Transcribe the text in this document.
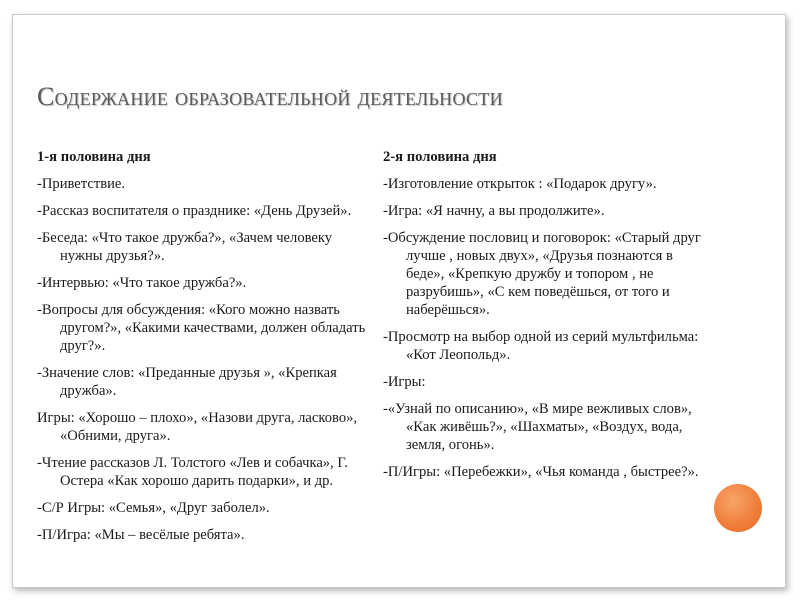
Содержание образовательной деятельности
1-я половина дня
-Приветствие.
-Рассказ воспитателя о празднике: «День Друзей».
-Беседа: «Что такое дружба?», «Зачем человеку нужны друзья?».
-Интервью: «Что такое дружба?».
-Вопросы для обсуждения: «Кого можно назвать другом?», «Какими качествами, должен обладать друг?».
-Значение слов: «Преданные друзья », «Крепкая дружба».
Игры: «Хорошо – плохо», «Назови друга, ласково», «Обними, друга».
-Чтение рассказов Л. Толстого «Лев и собачка», Г. Остера «Как хорошо дарить подарки», и др.
-С/Р Игры: «Семья», «Друг заболел».
-П/Игра: «Мы – весёлые ребята».
2-я половина дня
-Изготовление открыток : «Подарок другу».
-Игра: «Я начну, а вы продолжите».
-Обсуждение пословиц и поговорок: «Старый друг лучше , новых двух», «Друзья познаются в беде», «Крепкую дружбу и топором , не разрубишь», «С кем поведёшься, от того и наберёшься».
-Просмотр на выбор одной из серий мультфильма: «Кот Леопольд».
-Игры:
-«Узнай по описанию», «В мире вежливых слов», «Как живёшь?», «Шахматы», «Воздух, вода, земля, огонь».
-П/Игры: «Перебежки», «Чья команда , быстрее?».
